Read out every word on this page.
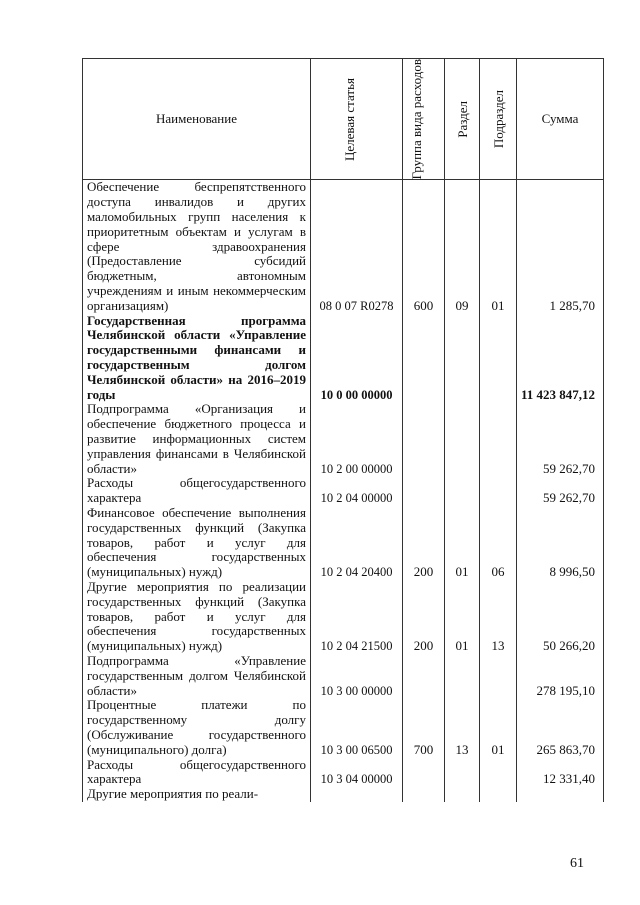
Наименование	Целевая статья	Группа вида расходов	Раздел	Подраздел	Сумма
Обеспечение беспрепятственного доступа инвалидов и других маломобильных групп населения к приоритетным объектам и услугам в сфере здравоохранения (Предоставление субсидий бюджетным, автономным учреждениям и иным некоммерческим организациям)	08 0 07 R0278	600	09	01	1 285,70
Государственная программа Челябинской области «Управление государственными финансами и государственным долгом Челябинской области» на 2016–2019 годы	10 0 00 00000				11 423 847,12
Подпрограмма «Организация и обеспечение бюджетного процесса и развитие информационных систем управления финансами в Челябинской области»	10 2 00 00000				59 262,70
Расходы общегосударственного характера	10 2 04 00000				59 262,70
Финансовое обеспечение выполнения государственных функций (Закупка товаров, работ и услуг для обеспечения государственных (муниципальных) нужд)	10 2 04 20400	200	01	06	8 996,50
Другие мероприятия по реализации государственных функций (Закупка товаров, работ и услуг для обеспечения государственных (муниципальных) нужд)	10 2 04 21500	200	01	13	50 266,20
Подпрограмма «Управление государственным долгом Челябинской области»	10 3 00 00000				278 195,10
Процентные платежи по государственному долгу (Обслуживание государственного (муниципального) долга)	10 3 00 06500	700	13	01	265 863,70
Расходы общегосударственного характера	10 3 04 00000				12 331,40
Другие мероприятия по реали-					
61
